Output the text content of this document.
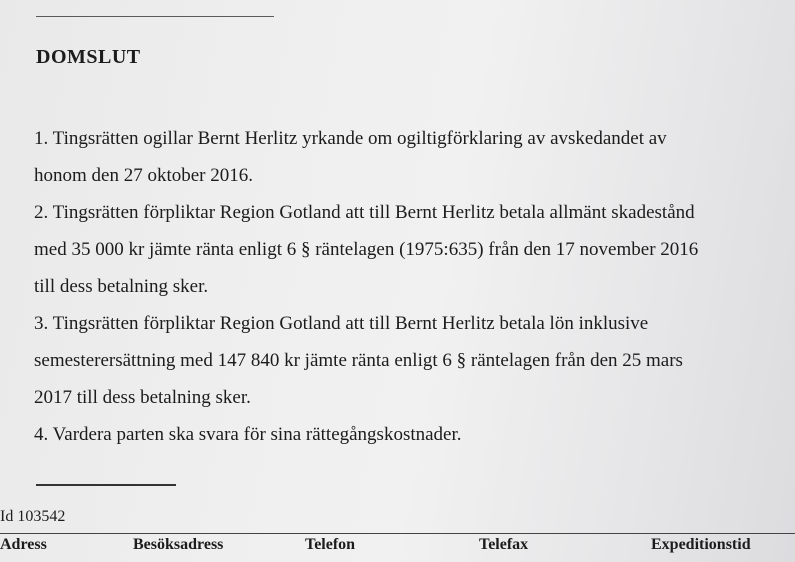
DOMSLUT
1. Tingsrätten ogillar Bernt Herlitz yrkande om ogiltigförklaring av avskedandet av
honom den 27 oktober 2016.
2. Tingsrätten förpliktar Region Gotland att till Bernt Herlitz betala allmänt skadestånd
med 35 000 kr jämte ränta enligt 6 § räntelagen (1975:635) från den 17 november 2016
till dess betalning sker.
3. Tingsrätten förpliktar Region Gotland att till Bernt Herlitz betala lön inklusive
semesterersättning med 147 840 kr jämte ränta enligt 6 § räntelagen från den 25 mars
2017 till dess betalning sker.
4. Vardera parten ska svara för sina rättegångskostnader.
Id 103542
Adress	Besöksadress	Telefon	Telefax	Expeditionstid
